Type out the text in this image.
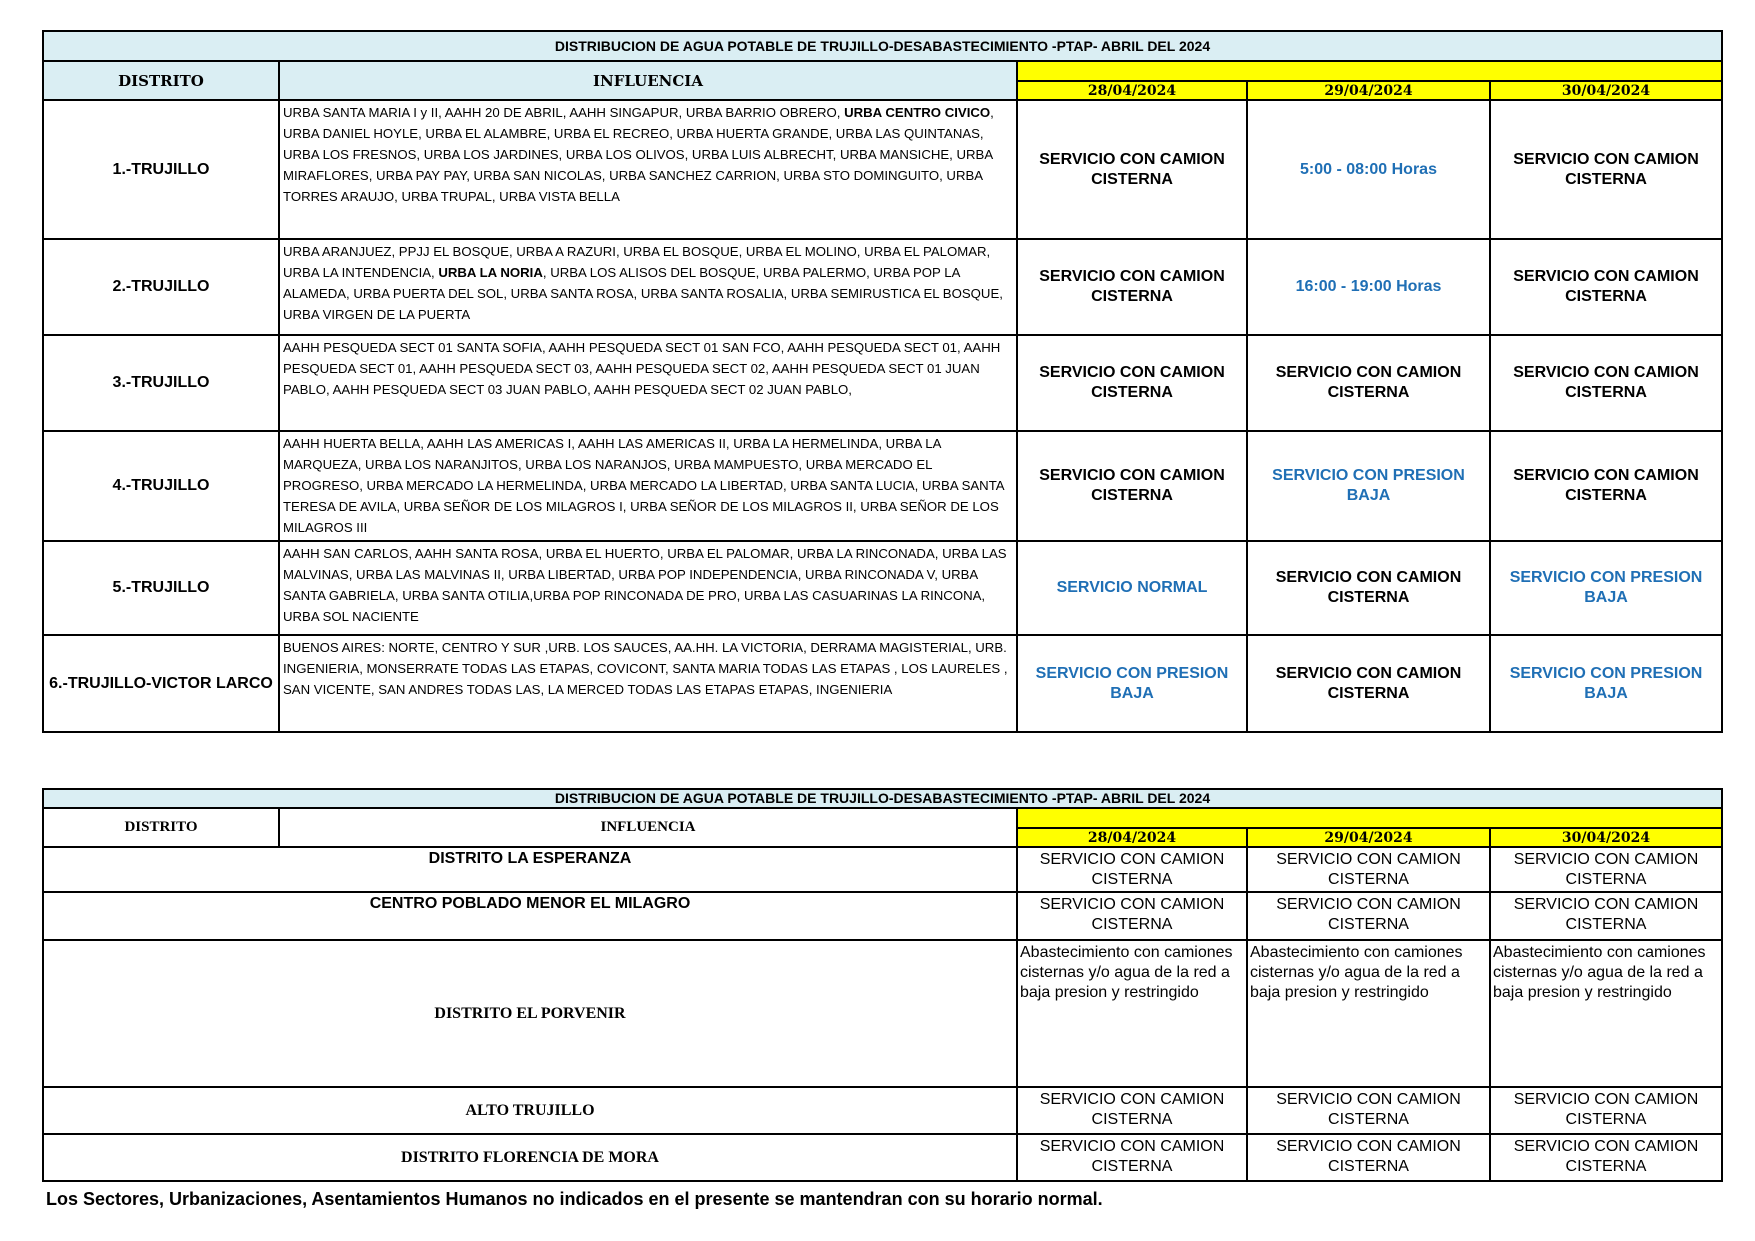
DISTRIBUCION DE AGUA POTABLE DE TRUJILLO-DESABASTECIMIENTO -PTAP- ABRIL DEL 2024				
DISTRITO	INFLUENCIA			
		28/04/2024	29/04/2024	30/04/2024
1.-TRUJILLO	URBA SANTA MARIA I y II, AAHH 20 DE ABRIL, AAHH SINGAPUR, URBA BARRIO OBRERO, URBA CENTRO CIVICO, URBA DANIEL HOYLE, URBA EL ALAMBRE, URBA EL RECREO, URBA HUERTA GRANDE, URBA LAS QUINTANAS, URBA LOS FRESNOS, URBA LOS JARDINES, URBA LOS OLIVOS, URBA LUIS ALBRECHT, URBA MANSICHE, URBA MIRAFLORES, URBA PAY PAY, URBA SAN NICOLAS, URBA SANCHEZ CARRION, URBA STO DOMINGUITO, URBA TORRES ARAUJO, URBA TRUPAL, URBA VISTA BELLA	SERVICIO CON CAMION CISTERNA	5:00 - 08:00 Horas	SERVICIO CON CAMION CISTERNA
2.-TRUJILLO	URBA ARANJUEZ, PPJJ EL BOSQUE, URBA A RAZURI, URBA EL BOSQUE, URBA EL MOLINO, URBA EL PALOMAR, URBA LA INTENDENCIA, URBA LA NORIA, URBA LOS ALISOS DEL BOSQUE, URBA PALERMO, URBA POP LA ALAMEDA, URBA PUERTA DEL SOL, URBA SANTA ROSA, URBA SANTA ROSALIA, URBA SEMIRUSTICA EL BOSQUE, URBA VIRGEN DE LA PUERTA	SERVICIO CON CAMION CISTERNA	16:00 - 19:00 Horas	SERVICIO CON CAMION CISTERNA
3.-TRUJILLO	AAHH PESQUEDA SECT 01 SANTA SOFIA, AAHH PESQUEDA SECT 01 SAN FCO, AAHH PESQUEDA SECT 01, AAHH PESQUEDA SECT 01, AAHH PESQUEDA SECT 03, AAHH PESQUEDA SECT 02, AAHH PESQUEDA SECT 01 JUAN PABLO, AAHH PESQUEDA SECT 03 JUAN PABLO, AAHH PESQUEDA SECT 02 JUAN PABLO,	SERVICIO CON CAMION CISTERNA	SERVICIO CON CAMION CISTERNA	SERVICIO CON CAMION CISTERNA
4.-TRUJILLO	AAHH HUERTA BELLA, AAHH LAS AMERICAS I, AAHH LAS AMERICAS II, URBA LA HERMELINDA, URBA LA MARQUEZA, URBA LOS NARANJITOS, URBA LOS NARANJOS, URBA MAMPUESTO, URBA MERCADO EL PROGRESO, URBA MERCADO LA HERMELINDA, URBA MERCADO LA LIBERTAD, URBA SANTA LUCIA, URBA SANTA TERESA DE AVILA, URBA SEÑOR DE LOS MILAGROS I, URBA SEÑOR DE LOS MILAGROS II, URBA SEÑOR DE LOS MILAGROS III	SERVICIO CON CAMION CISTERNA	SERVICIO CON PRESION BAJA	SERVICIO CON CAMION CISTERNA
5.-TRUJILLO	AAHH SAN CARLOS, AAHH SANTA ROSA, URBA EL HUERTO, URBA EL PALOMAR, URBA LA RINCONADA, URBA LAS MALVINAS, URBA LAS MALVINAS II, URBA LIBERTAD, URBA POP INDEPENDENCIA, URBA RINCONADA V, URBA SANTA GABRIELA, URBA SANTA OTILIA,URBA POP RINCONADA DE PRO, URBA LAS CASUARINAS LA RINCONA, URBA SOL NACIENTE	SERVICIO NORMAL	SERVICIO CON CAMION CISTERNA	SERVICIO CON PRESION BAJA
6.-TRUJILLO-VICTOR LARCO	BUENOS AIRES: NORTE, CENTRO Y SUR ,URB. LOS SAUCES, AA.HH. LA VICTORIA, DERRAMA MAGISTERIAL, URB. INGENIERIA, MONSERRATE TODAS LAS ETAPAS, COVICONT, SANTA MARIA TODAS LAS ETAPAS , LOS LAURELES , SAN VICENTE, SAN ANDRES TODAS LAS, LA MERCED TODAS LAS ETAPAS ETAPAS, INGENIERIA	SERVICIO CON PRESION BAJA	SERVICIO CON CAMION CISTERNA	SERVICIO CON PRESION BAJA
DISTRIBUCION DE AGUA POTABLE DE TRUJILLO-DESABASTECIMIENTO -PTAP- ABRIL DEL 2024				
DISTRITO	INFLUENCIA			
		28/04/2024	29/04/2024	30/04/2024
DISTRITO LA ESPERANZA		SERVICIO CON CAMION CISTERNA	SERVICIO CON CAMION CISTERNA	SERVICIO CON CAMION CISTERNA
CENTRO POBLADO MENOR EL MILAGRO		SERVICIO CON CAMION CISTERNA	SERVICIO CON CAMION CISTERNA	SERVICIO CON CAMION CISTERNA
DISTRITO EL PORVENIR		Abastecimiento con camiones cisternas y/o agua de la red a baja presion y restringido	Abastecimiento con camiones cisternas y/o agua de la red a baja presion y restringido	Abastecimiento con camiones cisternas y/o agua de la red a baja presion y restringido
ALTO TRUJILLO		SERVICIO CON CAMION CISTERNA	SERVICIO CON CAMION CISTERNA	SERVICIO CON CAMION CISTERNA
DISTRITO FLORENCIA DE MORA		SERVICIO CON CAMION CISTERNA	SERVICIO CON CAMION CISTERNA	SERVICIO CON CAMION CISTERNA
Los Sectores, Urbanizaciones, Asentamientos Humanos no indicados en el presente se mantendran con su horario normal.
